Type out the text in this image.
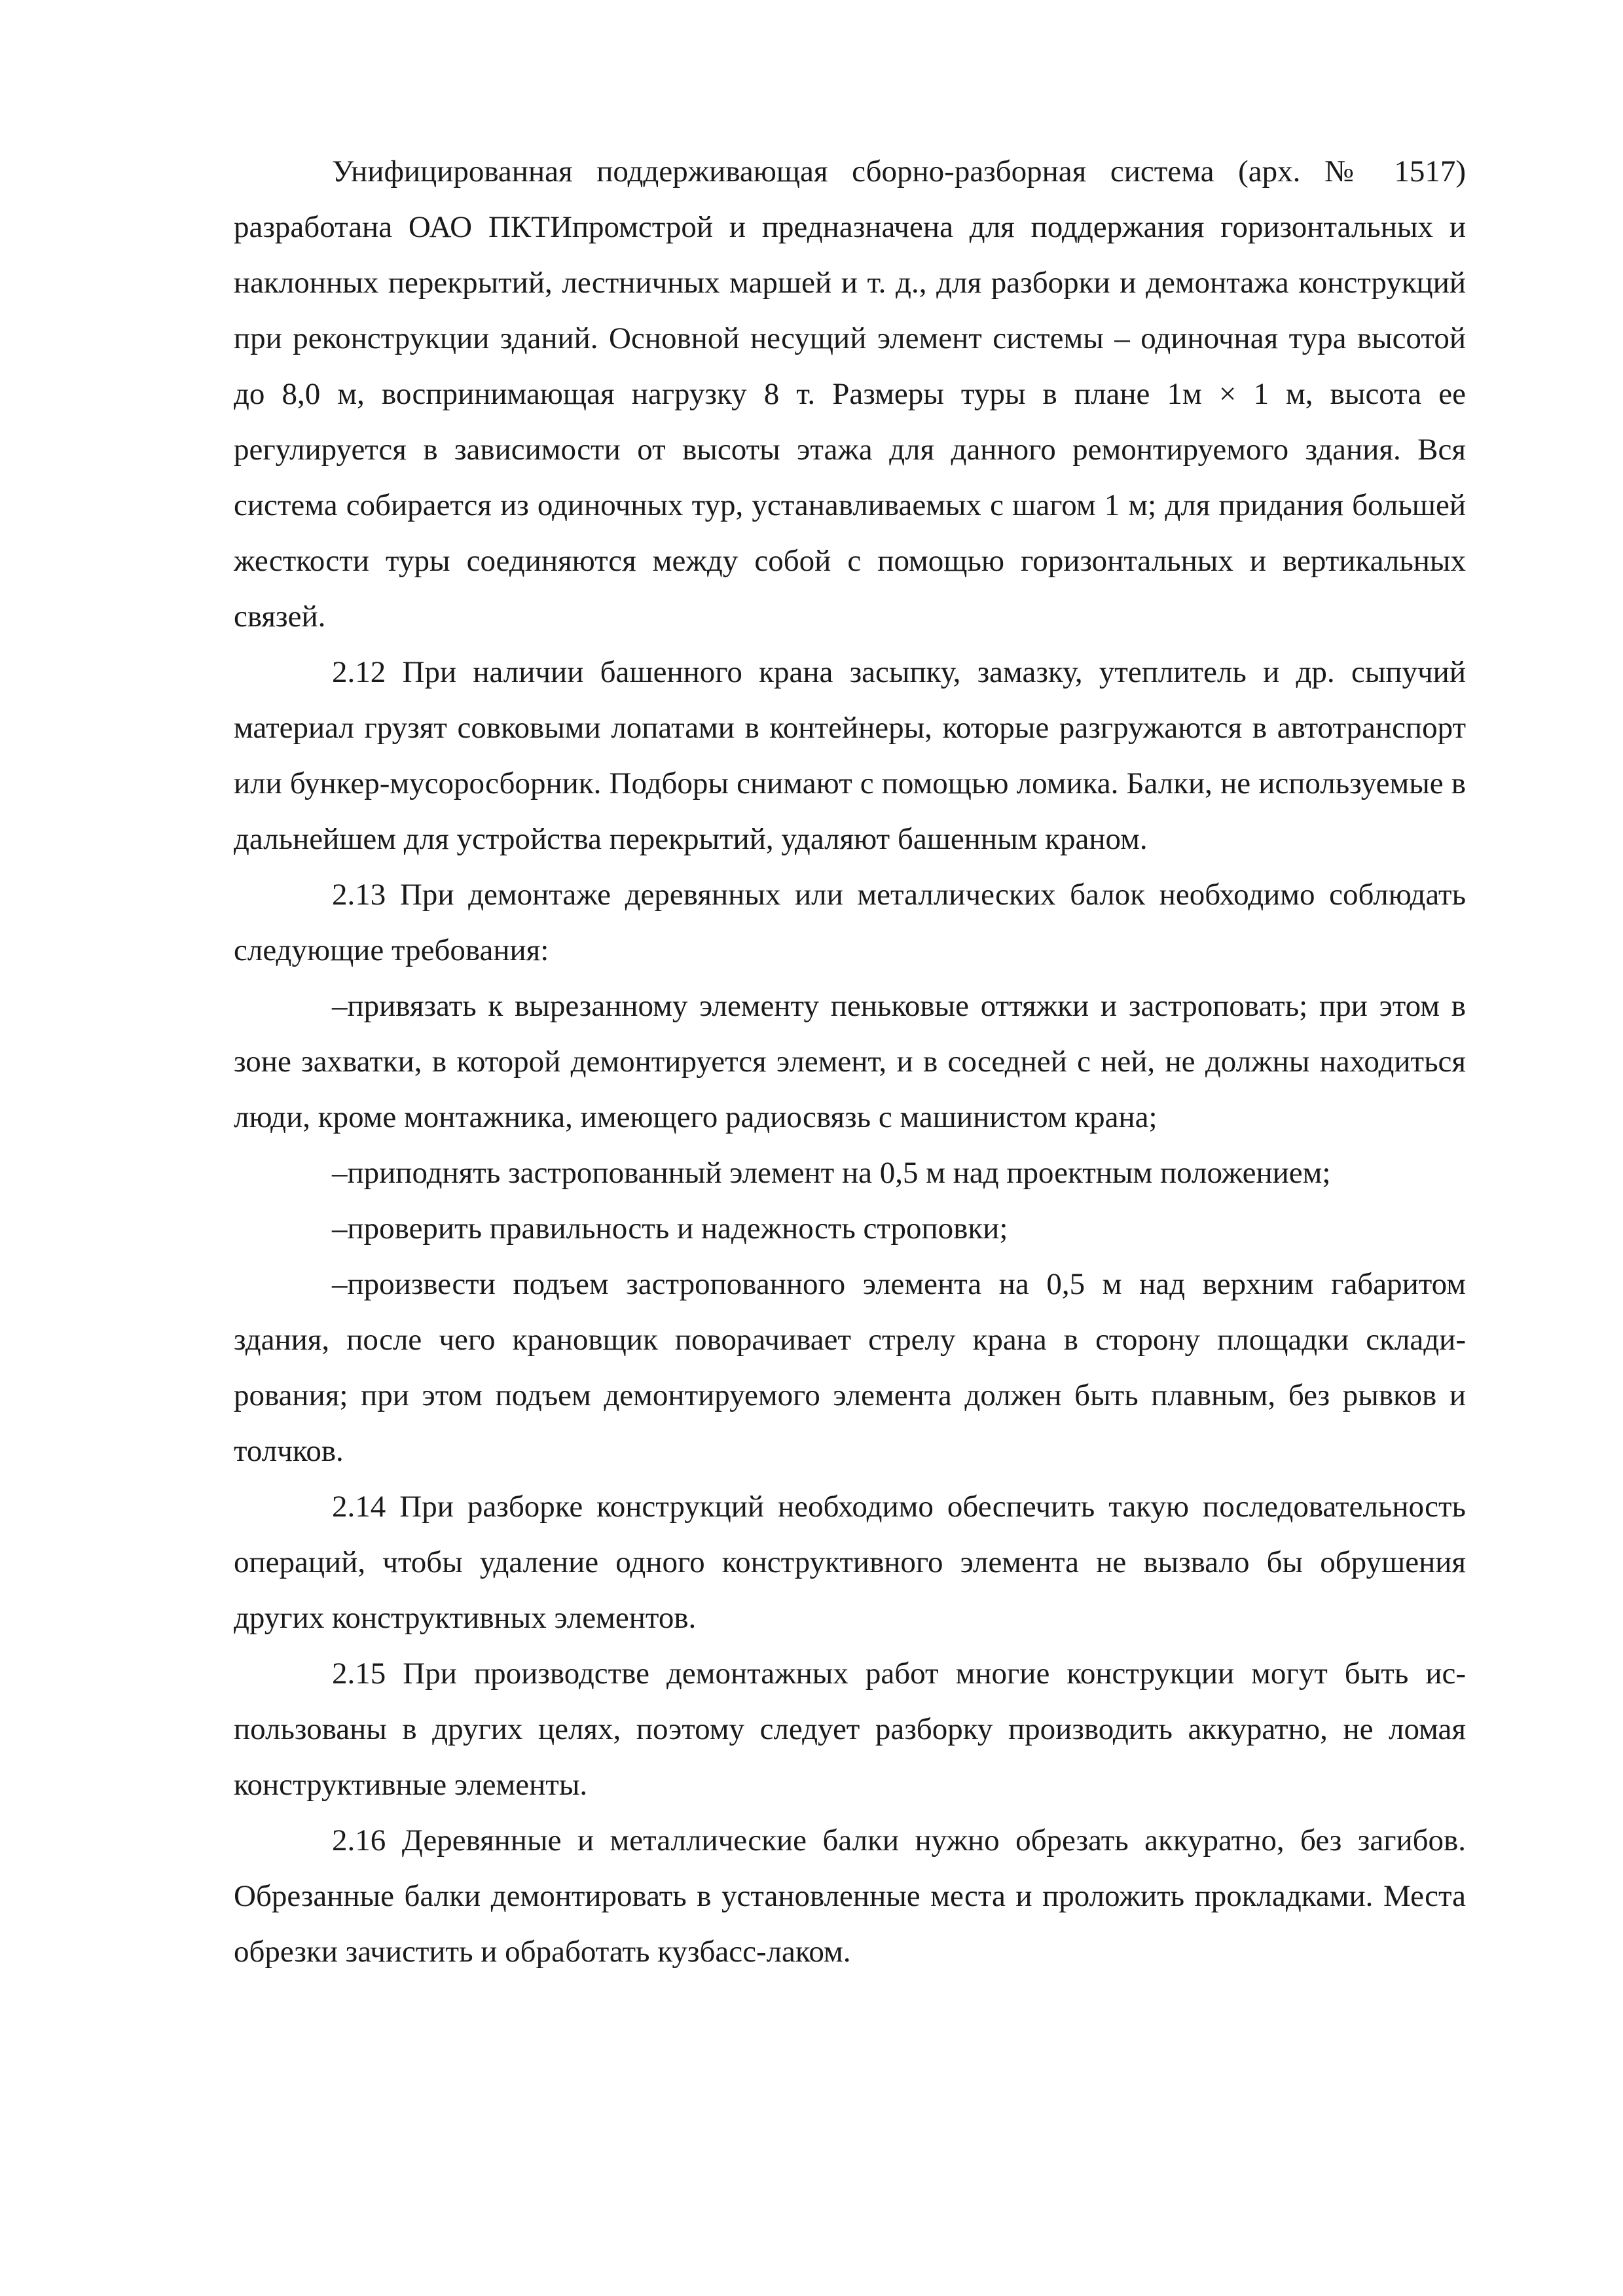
Унифицированная поддерживающая сборно-разборная система (арх. № 1517) разработана ОАО ПКТИпромстрой и предназначена для поддержания горизонтальных и наклонных перекрытий, лестничных маршей и т. д., для разборки и демонтажа конструкций при реконструкции зданий. Основной несущий элемент системы – одиночная тура высотой до 8,0 м, воспринимающая нагрузку 8 т. Размеры туры в плане 1м × 1 м, высота ее регулируется в зависимости от высоты этажа для данного ремонтируемого здания. Вся система собирается из одиночных тур, устанавливаемых с шагом 1 м; для придания большей жесткости туры соединяются между собой с помощью горизонтальных и вертикальных связей.

2.12 При наличии башенного крана засыпку, замазку, утеплитель и др. сыпучий материал грузят совковыми лопатами в контейнеры, которые разгружаются в автотранспорт или бункер-мусоросборник. Подборы снимают с помощью ломика. Балки, не используемые в дальнейшем для устройства перекрытий, удаляют башенным краном.

2.13 При демонтаже деревянных или металлических балок необходимо соблюдать следующие требования:

–привязать к вырезанному элементу пеньковые оттяжки и застроповать; при этом в зоне захватки, в которой демонтируется элемент, и в соседней с ней, не должны находиться люди, кроме монтажника, имеющего радиосвязь с машинистом крана;

–приподнять застропованный элемент на 0,5 м над проектным положением;

–проверить правильность и надежность строповки;

–произвести подъем застропованного элемента на 0,5 м над верхним габаритом здания, после чего крановщик поворачивает стрелу крана в сторону площадки складирования; при этом подъем демонтируемого элемента должен быть плавным, без рывков и толчков.

2.14 При разборке конструкций необходимо обеспечить такую последовательность операций, чтобы удаление одного конструктивного элемента не вызвало бы обрушения других конструктивных элементов.

2.15 При производстве демонтажных работ многие конструкции могут быть использованы в других целях, поэтому следует разборку производить аккуратно, не ломая конструктивные элементы.

2.16 Деревянные и металлические балки нужно обрезать аккуратно, без загибов. Обрезанные балки демонтировать в установленные места и проложить прокладками. Места обрезки зачистить и обработать кузбасс-лаком.
